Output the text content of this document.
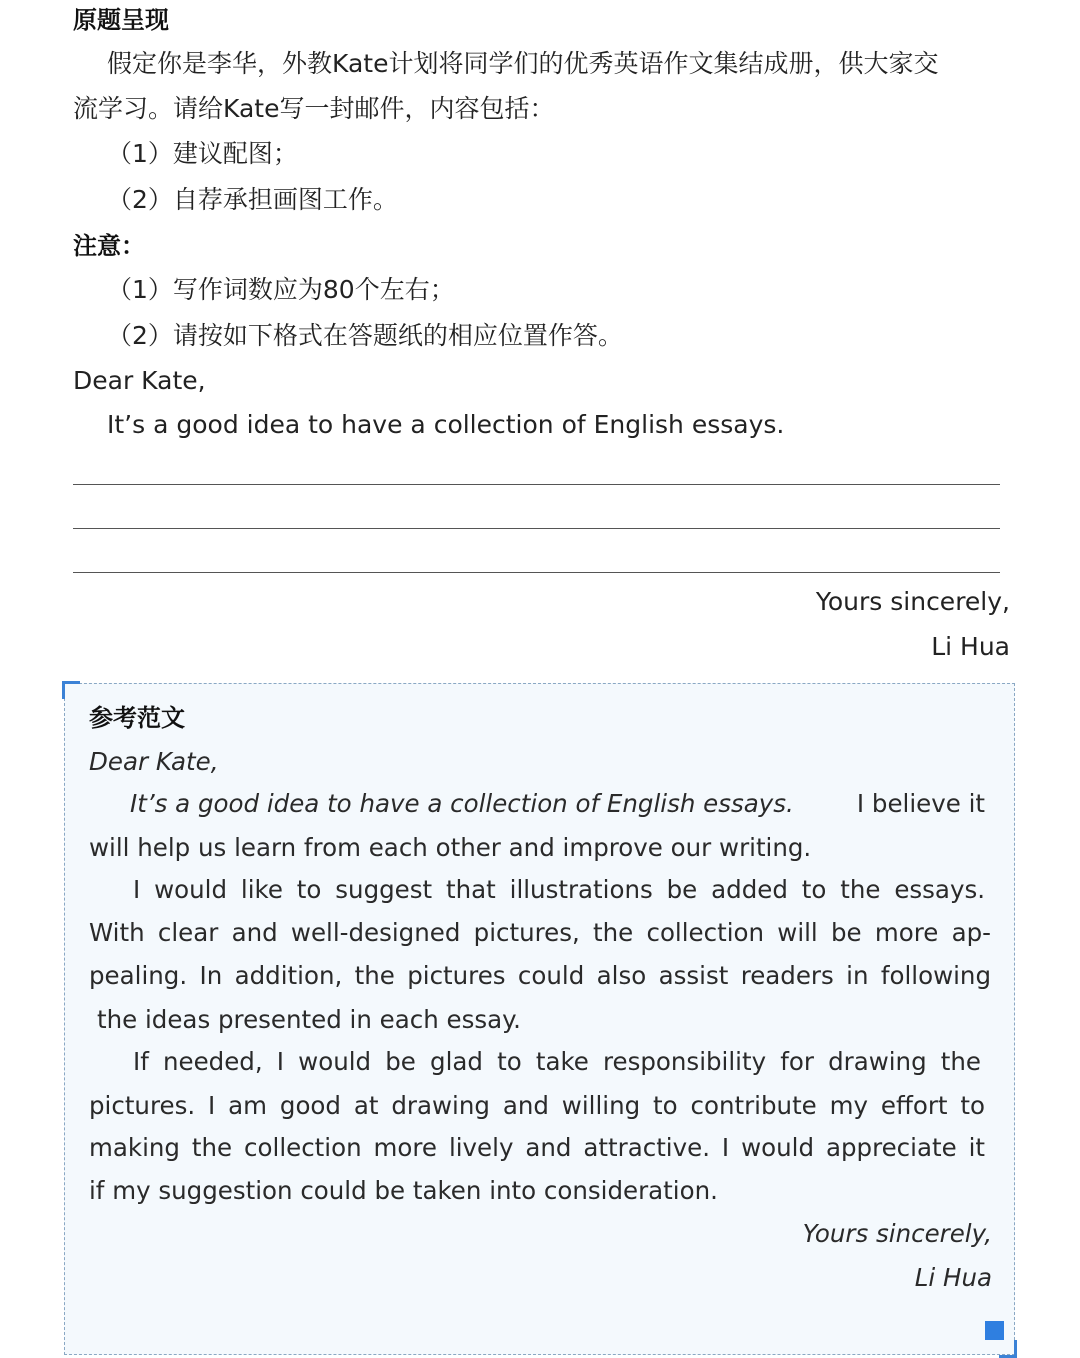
原题呈现
假定你是李华，外教Kate计划将同学们的优秀英语作文集结成册，供大家交
流学习。请给Kate写一封邮件，内容包括：
（1）建议配图；
（2）自荐承担画图工作。
注意：
（1）写作词数应为80个左右；
（2）请按如下格式在答题纸的相应位置作答。
Dear Kate,
It’s a good idea to have a collection of English essays.
Yours sincerely,
Li Hua
参考范文
Dear Kate,
It’s a good idea to have a collection of English essays.	I believe it
will help us learn from each other and improve our writing.
I would like to suggest that illustrations be added to the essays.
With clear and well-designed pictures, the collection will be more ap-
pealing. In addition, the pictures could also assist readers in following
the ideas presented in each essay.
If needed, I would be glad to take responsibility for drawing the
pictures. I am good at drawing and willing to contribute my effort to
making the collection more lively and attractive. I would appreciate it
if my suggestion could be taken into consideration.
Yours sincerely,
Li Hua
